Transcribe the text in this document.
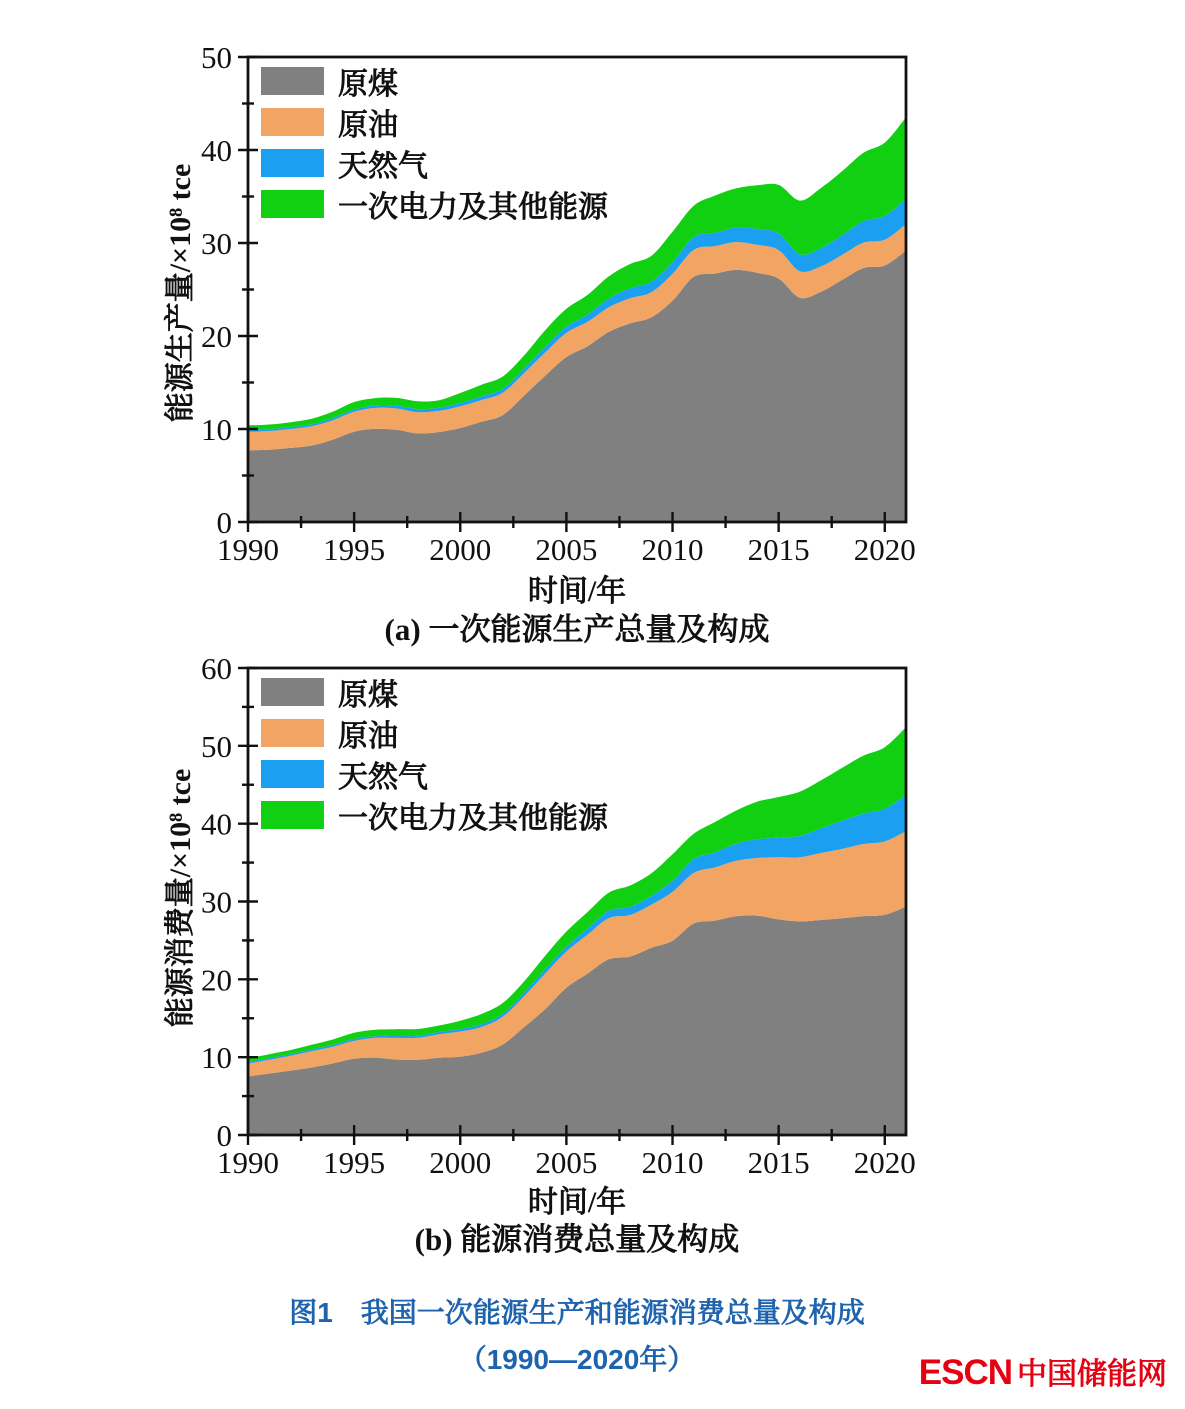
0
10
20
30
40
50
1990 1995 2000 2005 2010 2015 2020
0
10
20
30
40
50
60
1990 1995 2000 2005 2010 2015 2020
能源生产量/×10⁸ tce
时间/年
(a) 一次能源生产总量及构成
原煤
原油
天然气
一次电力及其他能源
能源消费量/×10⁸ tce
时间/年
(b) 能源消费总量及构成
原煤
原油
天然气
一次电力及其他能源
图1　我国一次能源生产和能源消费总量及构成
（1990—2020年）	ESCN 中国储能网
